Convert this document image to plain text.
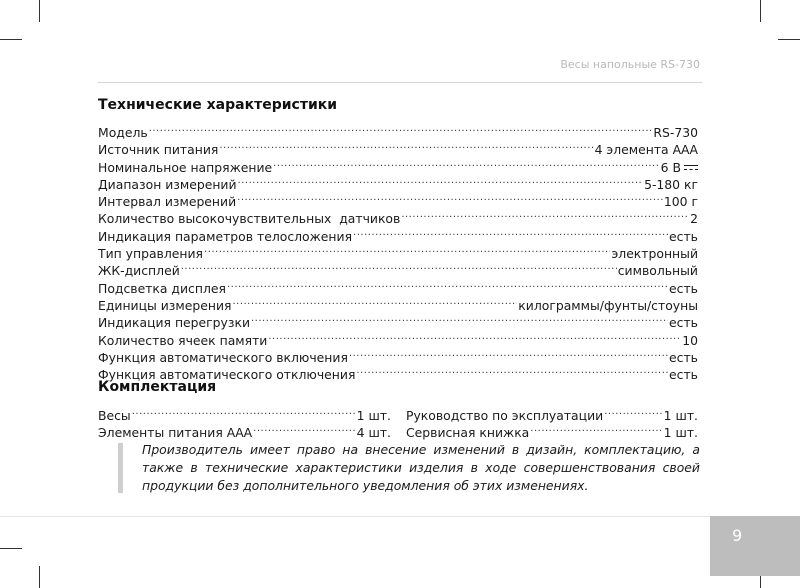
Весы напольные RS-730
Технические характеристики
Модель .....	RS-730
Источник питания .....	4 элемента ААА
Номинальное напряжение .....	6 В
Диапазон измерений .....	5-180 кг
Интервал измерений .....	100 г
Количество высокочувствительных  датчиков .....	2
Индикация параметров телосложения .....	есть
Тип управления .....	электронный
ЖК-дисплей .....	символьный
Подсветка дисплея .....	есть
Единицы измерения .....	килограммы/фунты/стоуны
Индикация перегрузки .....	есть
Количество ячеек памяти .....	10
Функция автоматического включения .....	есть
Функция автоматического отключения .....	есть
Комплектация
Весы .....	1 шт.
Элементы питания ААА .....	4 шт.
Руководство по эксплуатации .....	1 шт.
Сервисная книжка .....	1 шт.

Производитель имеет право на внесение изменений в дизайн, комплектацию, а также в технические характеристики изделия в ходе совершенствования своей продукции без дополнительного уведомления об этих изменениях.

9
